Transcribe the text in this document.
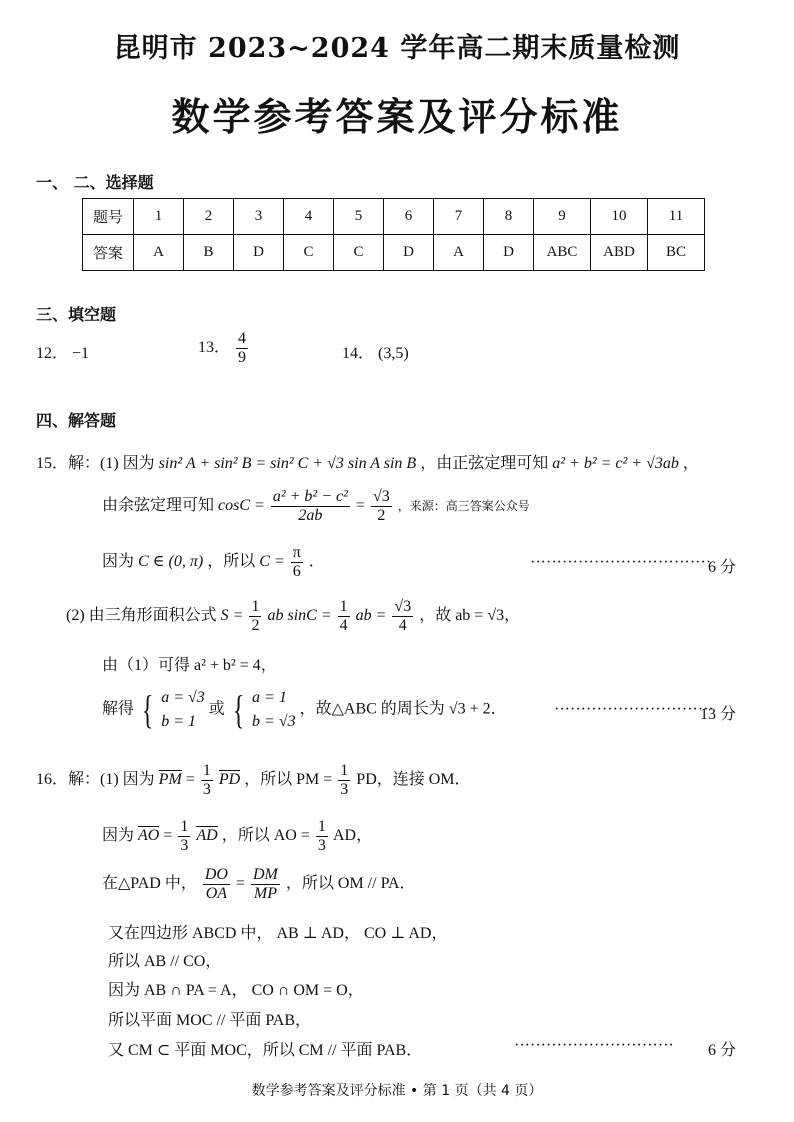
昆明市 2023~2024 学年高二期末质量检测
数学参考答案及评分标准
一、 二、选择题
题号	1	2	3	4	5	6	7	8	9	10	11
答案	A	B	D	C	C	D	A	D	ABC	ABD	BC
三、填空题
12． −1	13． $\frac{4}{9}$	14． (3,5)
四、解答题
15．解：(1) 因为 sin² A + sin² B = sin² C + √3 sin A sin B ，由正弦定理可知 a² + b² = c² + √3ab ，
由余弦定理可知 $\cos C = \frac{\text{a² + b² − c²}}{2ab} = \frac{√3}{2}$ ，来源：高三答案公众号
因为 C ∈ (0, π) ，所以 $C = \frac{\pi}{6}$ ．	··································
6 分
(2) 由三角形面积公式 $S = \frac{1}{2}$ ab $\sin C = \frac{1}{4}$ ab = $\frac{√3}{4}$ ，故 ab = √3，
由（1）可得 a² + b² = 4，
解得 { a = √3
b = 1
或 { a = 1
b = √3
，故△ABC 的周长为 √3 + 2．	······························
13 分
16．解：(1) 因为 PM = $\frac{1}{3}$ PD ，所以 PM = $\frac{1}{3}$ PD，连接 OM．
因为 AO = $\frac{1}{3}$ AD ，所以 AO = $\frac{1}{3}$ AD，
在△PAD 中， $\frac{DO}{OA} = \frac{DM}{MP}$ ，所以 OM // PA．
又在四边形 ABCD 中， AB ⊥ AD， CO ⊥ AD，
所以 AB // CO，
因为 AB ∩ PA = A， CO ∩ OM = O，
所以平面 MOC // 平面 PAB，
又 CM ⊂ 平面 MOC，所以 CM // 平面 PAB．	······························ 6 分
数学参考答案及评分标准 • 第 1 页（共 4 页）
